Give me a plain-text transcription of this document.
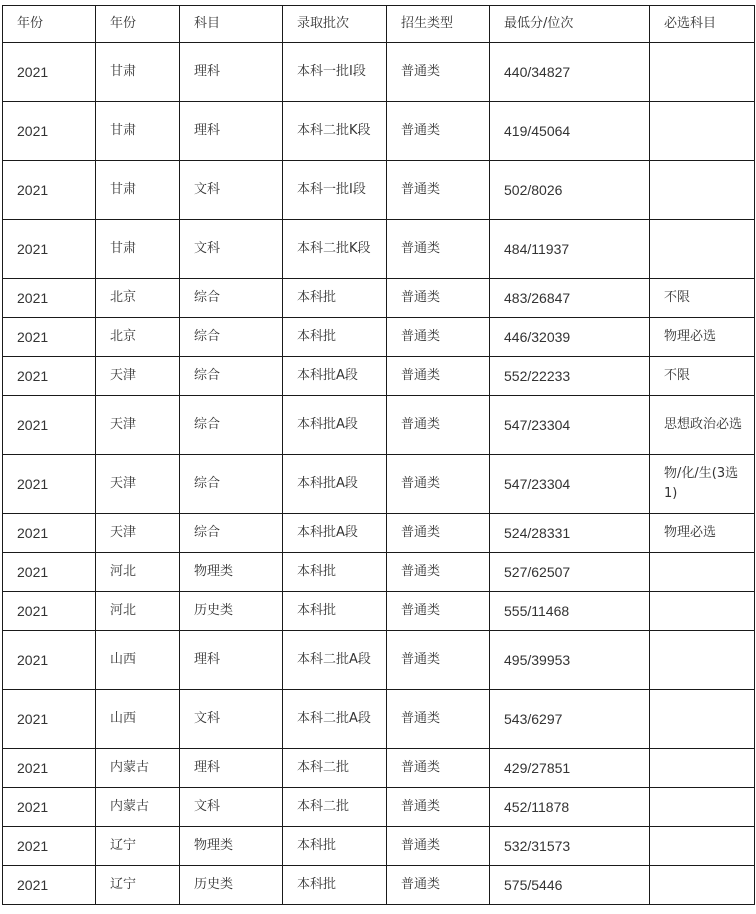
年份	年份	科目	录取批次	招生类型	最低分/位次	必选科目
2021	甘肃	理科	本科一批I段	普通类	440/34827	
2021	甘肃	理科	本科二批K段	普通类	419/45064	
2021	甘肃	文科	本科一批I段	普通类	502/8026	
2021	甘肃	文科	本科二批K段	普通类	484/11937	
2021	北京	综合	本科批	普通类	483/26847	不限
2021	北京	综合	本科批	普通类	446/32039	物理必选
2021	天津	综合	本科批A段	普通类	552/22233	不限
2021	天津	综合	本科批A段	普通类	547/23304	思想政治必选
2021	天津	综合	本科批A段	普通类	547/23304	物/化/生(3选1)
2021	天津	综合	本科批A段	普通类	524/28331	物理必选
2021	河北	物理类	本科批	普通类	527/62507	
2021	河北	历史类	本科批	普通类	555/11468	
2021	山西	理科	本科二批A段	普通类	495/39953	
2021	山西	文科	本科二批A段	普通类	543/6297	
2021	内蒙古	理科	本科二批	普通类	429/27851	
2021	内蒙古	文科	本科二批	普通类	452/11878	
2021	辽宁	物理类	本科批	普通类	532/31573	
2021	辽宁	历史类	本科批	普通类	575/5446	
